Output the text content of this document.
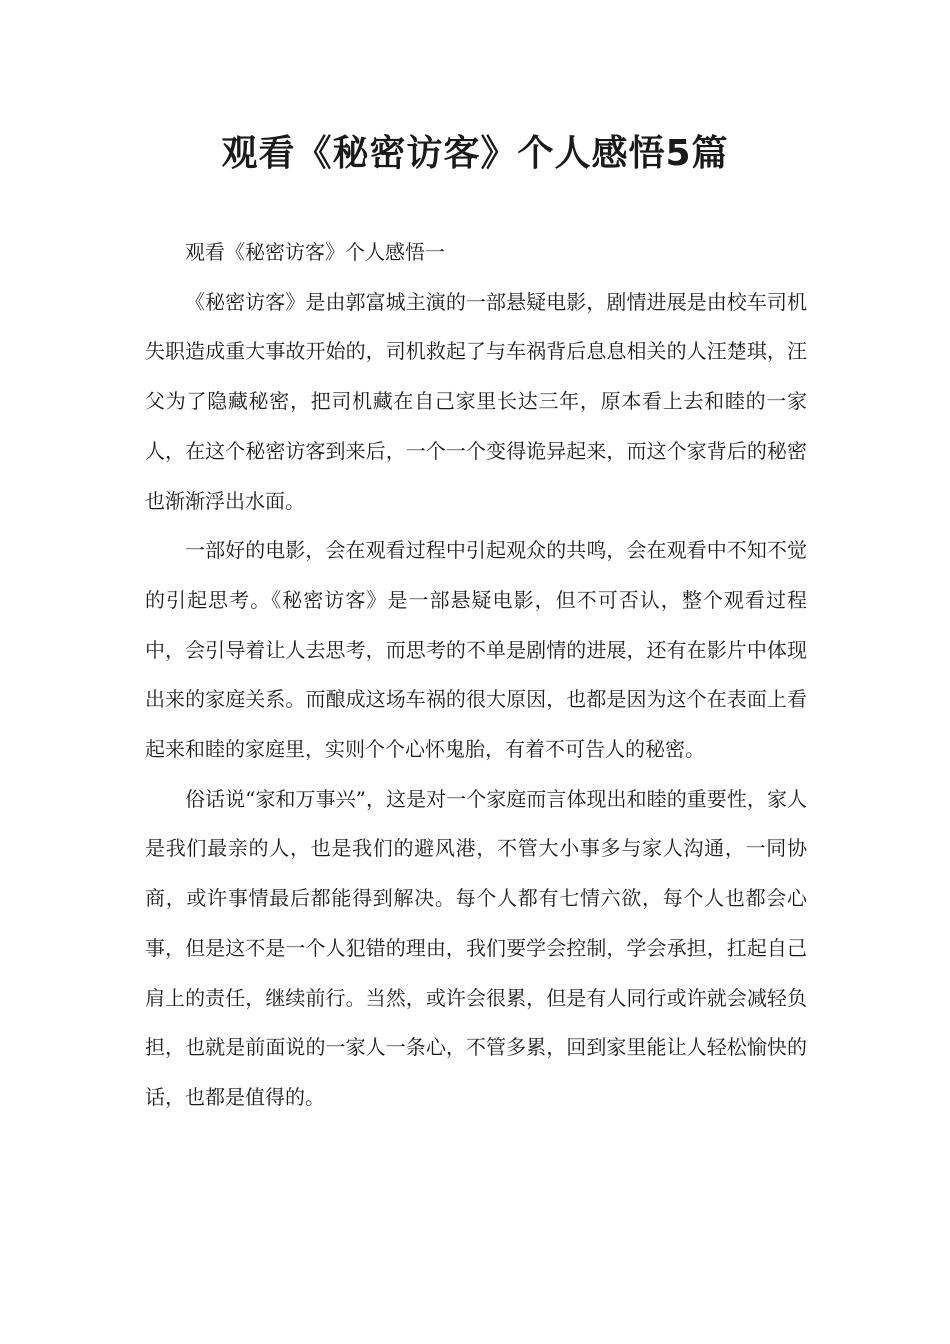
观看《秘密访客》个人感悟5篇
观看《秘密访客》个人感悟一

《秘密访客》是由郭富城主演的一部悬疑电影，剧情进展是由校车司机失职造成重大事故开始的，司机救起了与车祸背后息息相关的人汪楚琪，汪父为了隐藏秘密，把司机藏在自己家里长达三年，原本看上去和睦的一家人，在这个秘密访客到来后，一个一个变得诡异起来，而这个家背后的秘密也渐渐浮出水面。

一部好的电影，会在观看过程中引起观众的共鸣，会在观看中不知不觉的引起思考。《秘密访客》是一部悬疑电影，但不可否认，整个观看过程中，会引导着让人去思考，而思考的不单是剧情的进展，还有在影片中体现出来的家庭关系。而酿成这场车祸的很大原因，也都是因为这个在表面上看起来和睦的家庭里，实则个个心怀鬼胎，有着不可告人的秘密。

俗话说“家和万事兴”，这是对一个家庭而言体现出和睦的重要性，家人是我们最亲的人，也是我们的避风港，不管大小事多与家人沟通，一同协商，或许事情最后都能得到解决。每个人都有七情六欲，每个人也都会心事，但是这不是一个人犯错的理由，我们要学会控制，学会承担，扛起自己肩上的责任，继续前行。当然，或许会很累，但是有人同行或许就会减轻负担，也就是前面说的一家人一条心，不管多累，回到家里能让人轻松愉快的话，也都是值得的。
